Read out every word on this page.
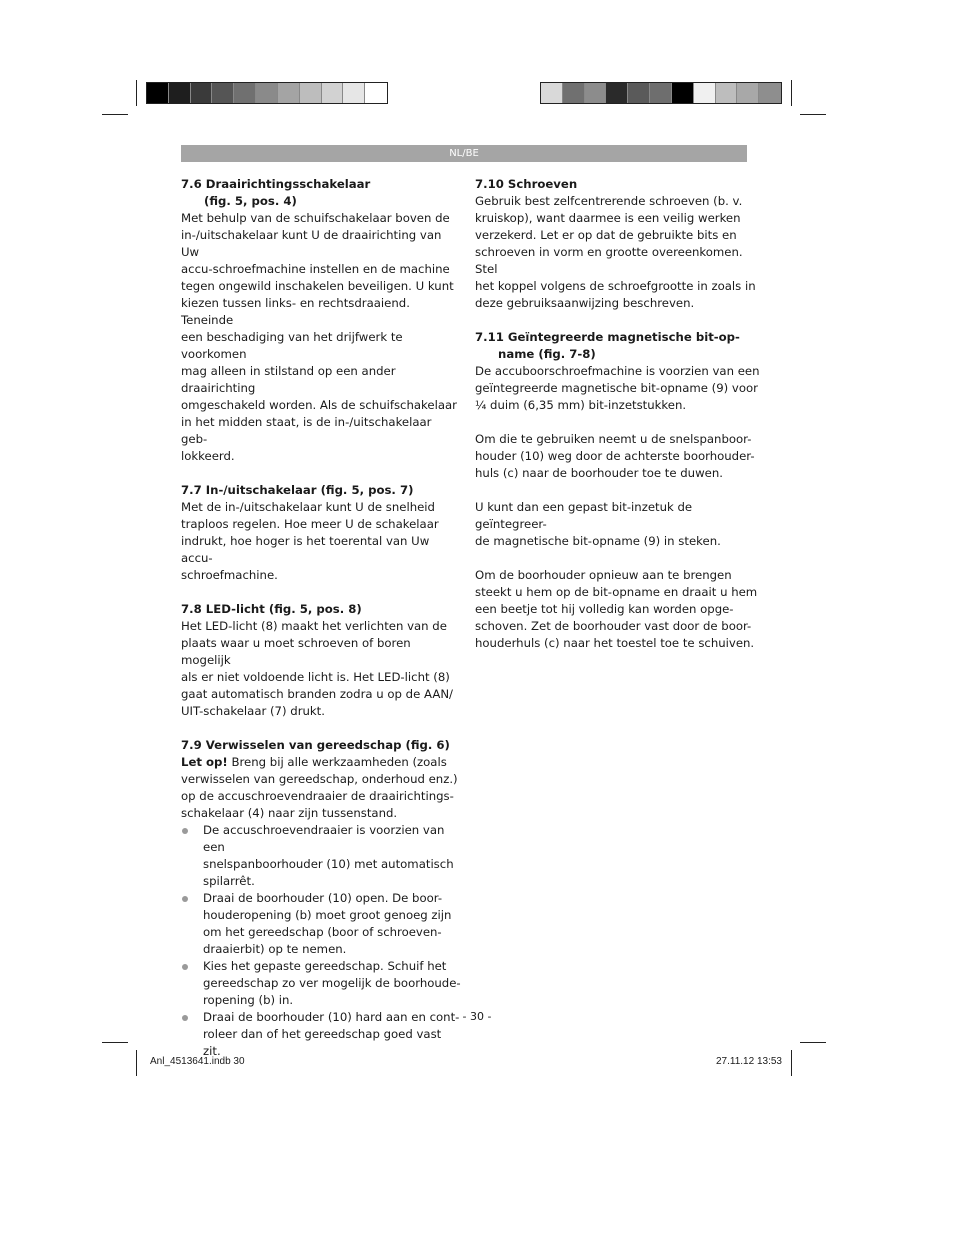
NL/BE

7.6 Draairichtingsschakelaar
(fig. 5, pos. 4)

Met behulp van de schuifschakelaar boven de
in-/uitschakelaar kunt U de draairichting van Uw
accu-schroefmachine instellen en de machine
tegen ongewild inschakelen beveiligen. U kunt
kiezen tussen links- en rechtsdraaiend. Teneinde
een beschadiging van het drijfwerk te voorkomen
mag alleen in stilstand op een ander draairichting
omgeschakeld worden. Als de schuifschakelaar
in het midden staat, is de in-/uitschakelaar geb-
lokkeerd.

7.7 In-/uitschakelaar (fig. 5, pos. 7)

Met de in-/uitschakelaar kunt U de snelheid
traploos regelen. Hoe meer U de schakelaar
indrukt, hoe hoger is het toerental van Uw accu-
schroefmachine.

7.8 LED-licht (fig. 5, pos. 8)

Het LED-licht (8) maakt het verlichten van de
plaats waar u moet schroeven of boren mogelijk
als er niet voldoende licht is. Het LED-licht (8)
gaat automatisch branden zodra u op de AAN/
UIT-schakelaar (7) drukt.

7.9 Verwisselen van gereedschap (fig. 6)

Let op! Breng bij alle werkzaamheden (zoals

verwisselen van gereedschap, onderhoud enz.)
op de accuschroevendraaier de draairichtings-
schakelaar (4) naar zijn tussenstand.
De accuschroevendraaier is voorzien van een
snelspanboorhouder (10) met automatisch
spilarrêt.
Draai de boorhouder (10) open. De boor-
houderopening (b) moet groot genoeg zijn
om het gereedschap (boor of schroeven-
draaierbit) op te nemen.
Kies het gepaste gereedschap. Schuif het
gereedschap zo ver mogelijk de boorhoude-
ropening (b) in.
Draai de boorhouder (10) hard aan en cont-
roleer dan of het gereedschap goed vast zit.

7.10 Schroeven

Gebruik best zelfcentrerende schroeven (b. v.
kruiskop), want daarmee is een veilig werken
verzekerd. Let er op dat de gebruikte bits en
schroeven in vorm en grootte overeenkomen. Stel
het koppel volgens de schroefgrootte in zoals in
deze gebruiksaanwijzing beschreven.

7.11 Geïntegreerde magnetische bit-op-
name (fig. 7-8)

De accuboorschroefmachine is voorzien van een
geïntegreerde magnetische bit-opname (9) voor
¼ duim (6,35 mm) bit-inzetstukken.
Om die te gebruiken neemt u de snelspanboor-
houder (10) weg door de achterste boorhouder-
huls (c) naar de boorhouder toe te duwen.
U kunt dan een gepast bit-inzetuk de geïntegreer-
de magnetische bit-opname (9) in steken.
Om de boorhouder opnieuw aan te brengen
steekt u hem op de bit-opname en draait u hem
een beetje tot hij volledig kan worden opge-
schoven. Zet de boorhouder vast door de boor-
houderhuls (c) naar het toestel toe te schuiven.
- 30 -
Anl_4513641.indb 30	27.11.12 13:53
